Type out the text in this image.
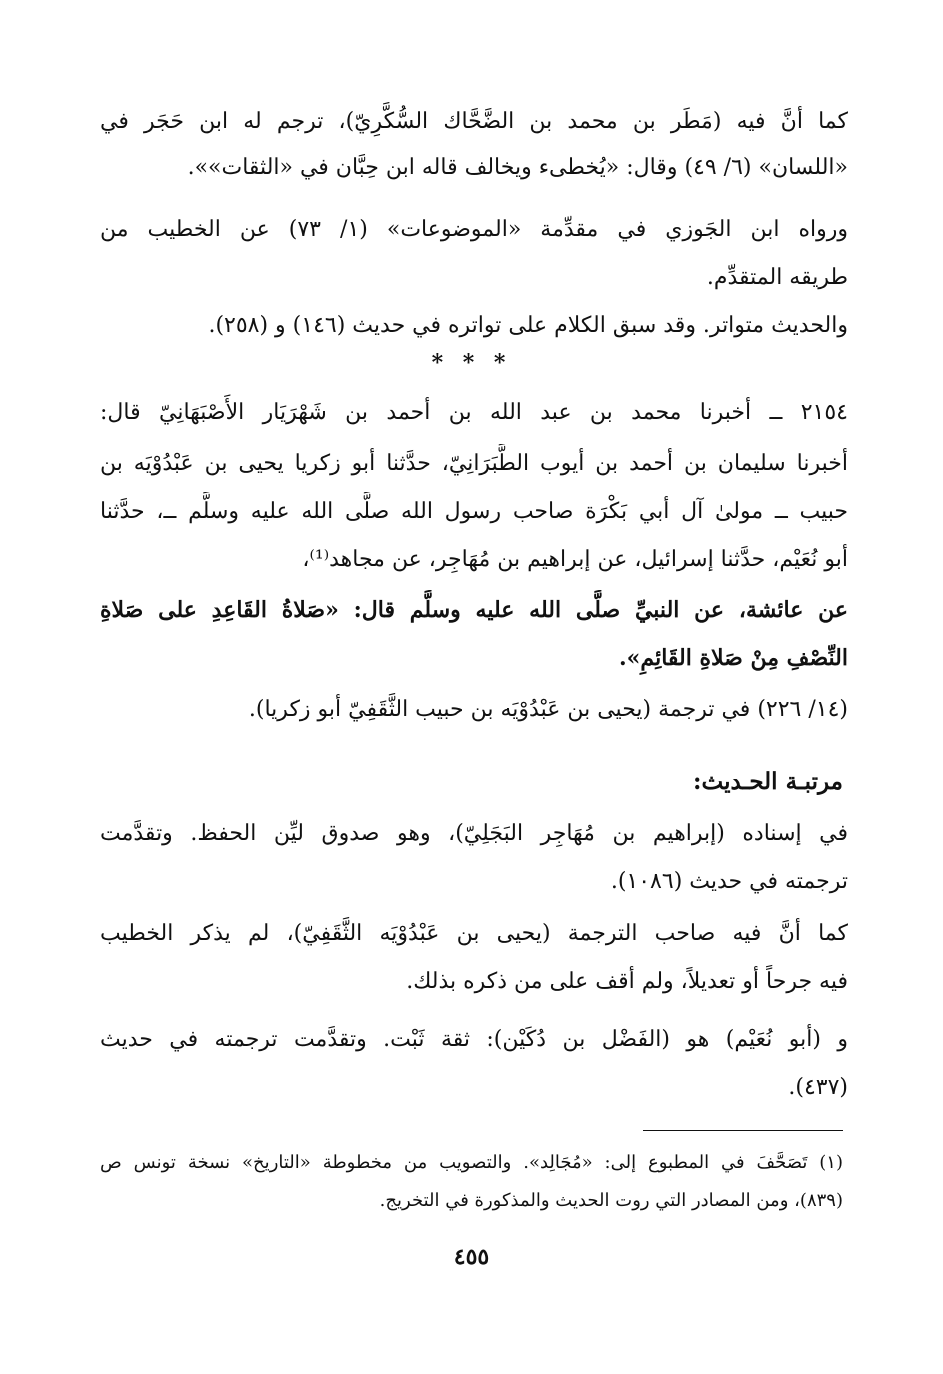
كما أنَّ فيه (مَطَر بن محمد بن الضَّحَّاك السُّكَّرِيّ)، ترجم له ابن حَجَر في
«اللسان» (٦/ ٤٩) وقال: «يُخطىء ويخالف قاله ابن حِبَّان في «الثقات»».
ورواه ابن الجَوزي في مقدِّمة «الموضوعات» (١/ ٧٣) عن الخطيب من
طريقه المتقدِّم.
والحديث متواتر. وقد سبق الكلام على تواتره في حديث (١٤٦) و (٢٥٨).
* * *
٢١٥٤ ــ أخبرنا محمد بن عبد الله بن أحمد بن شَهْرَيَار الأَصْبَهَانِيّ قال:
أخبرنا سليمان بن أحمد بن أيوب الطَّبَرَانِيّ، حدَّثنا أبو زكريا يحيى بن عَبْدُوْيَه بن
حبيب ــ مولىٰ آل أبي بَكْرَة صاحب رسول الله صلَّى الله عليه وسلَّم ــ، حدَّثنا
أبو نُعَيْم، حدَّثنا إسرائيل، عن إبراهيم بن مُهَاجِر، عن مجاهد⁽¹⁾،
عن عائشة، عن النبيِّ صلَّى الله عليه وسلَّم قال: «صَلاةُ القَاعِدِ على صَلاةِ
النِّصْفِ مِنْ صَلاةِ القَائِمِ».
(١٤/ ٢٢٦) في ترجمة (يحيى بن عَبْدُوْيَه بن حبيب الثَّقَفِيّ أبو زكريا).
مرتبـة الحـديث:
في إسناده (إبراهيم بن مُهَاجِر البَجَلِيّ)، وهو صدوق ليِّن الحفظ. وتقدَّمت
ترجمته في حديث (١٠٨٦).
كما أنَّ فيه صاحب الترجمة (يحيى بن عَبْدُوْيَه الثَّقَفِيّ)، لم يذكر الخطيب
فيه جرحاً أو تعديلاً، ولم أقف على من ذكره بذلك.
و (أبو نُعَيْم) هو (الفَضْل بن دُكَيْن): ثقة ثَبْت. وتقدَّمت ترجمته في حديث
(٤٣٧).
(١) تَصَحَّفَ في المطبوع إلى: «مُجَالِد». والتصويب من مخطوطة «التاريخ» نسخة تونس ص
(٨٣٩)، ومن المصادر التي روت الحديث والمذكورة في التخريج.
٤٥٥
